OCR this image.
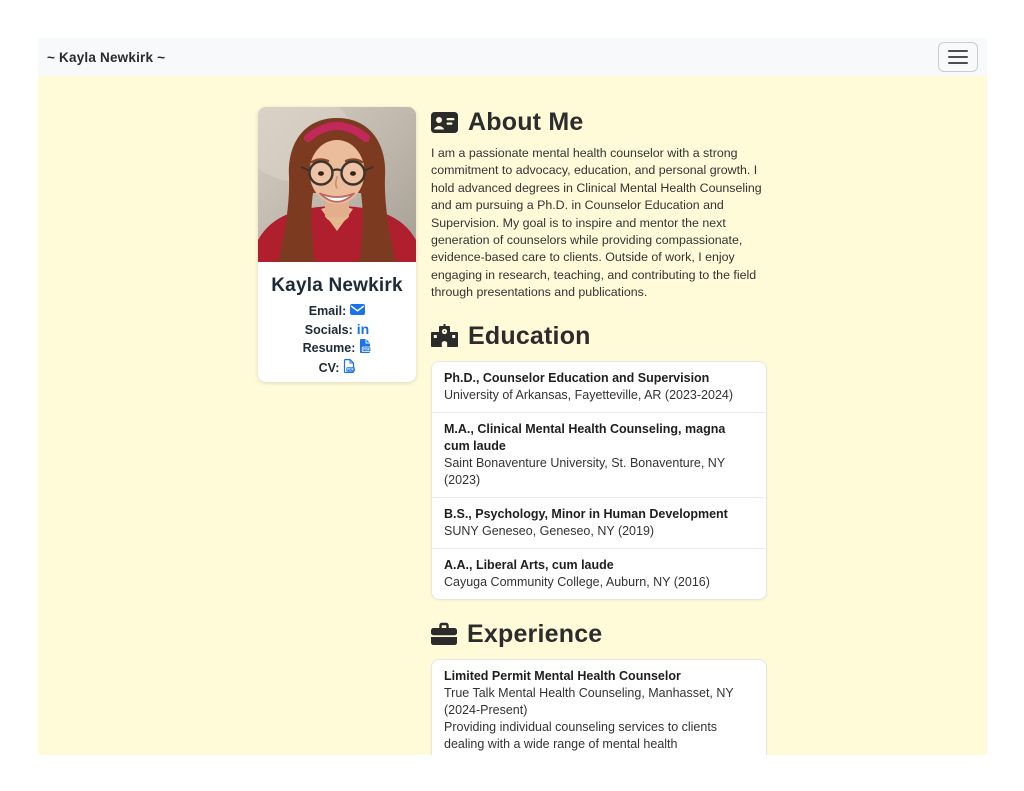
~ Kayla Newkirk ~
Kayla Newkirk
Email:
Socials: in
Resume: PDF
CV:	PDF
About Me

I am a passionate mental health counselor with a strong commitment to advocacy, education, and personal growth. I hold advanced degrees in Clinical Mental Health Counseling and am pursuing a Ph.D. in Counselor Education and Supervision. My goal is to inspire and mentor the next generation of counselors while providing compassionate, evidence-based care to clients. Outside of work, I enjoy engaging in research, teaching, and contributing to the field through presentations and publications.

Education
Ph.D., Counselor Education and Supervision
University of Arkansas, Fayetteville, AR (2023-2024)
M.A., Clinical Mental Health Counseling, magna cum laude
Saint Bonaventure University, St. Bonaventure, NY (2023)
B.S., Psychology, Minor in Human Development
SUNY Geneseo, Geneseo, NY (2019)
A.A., Liberal Arts, cum laude
Cayuga Community College, Auburn, NY (2016)
Experience
Limited Permit Mental Health Counselor
True Talk Mental Health Counseling, Manhasset, NY (2024-Present)
Providing individual counseling services to clients dealing with a wide range of mental health
